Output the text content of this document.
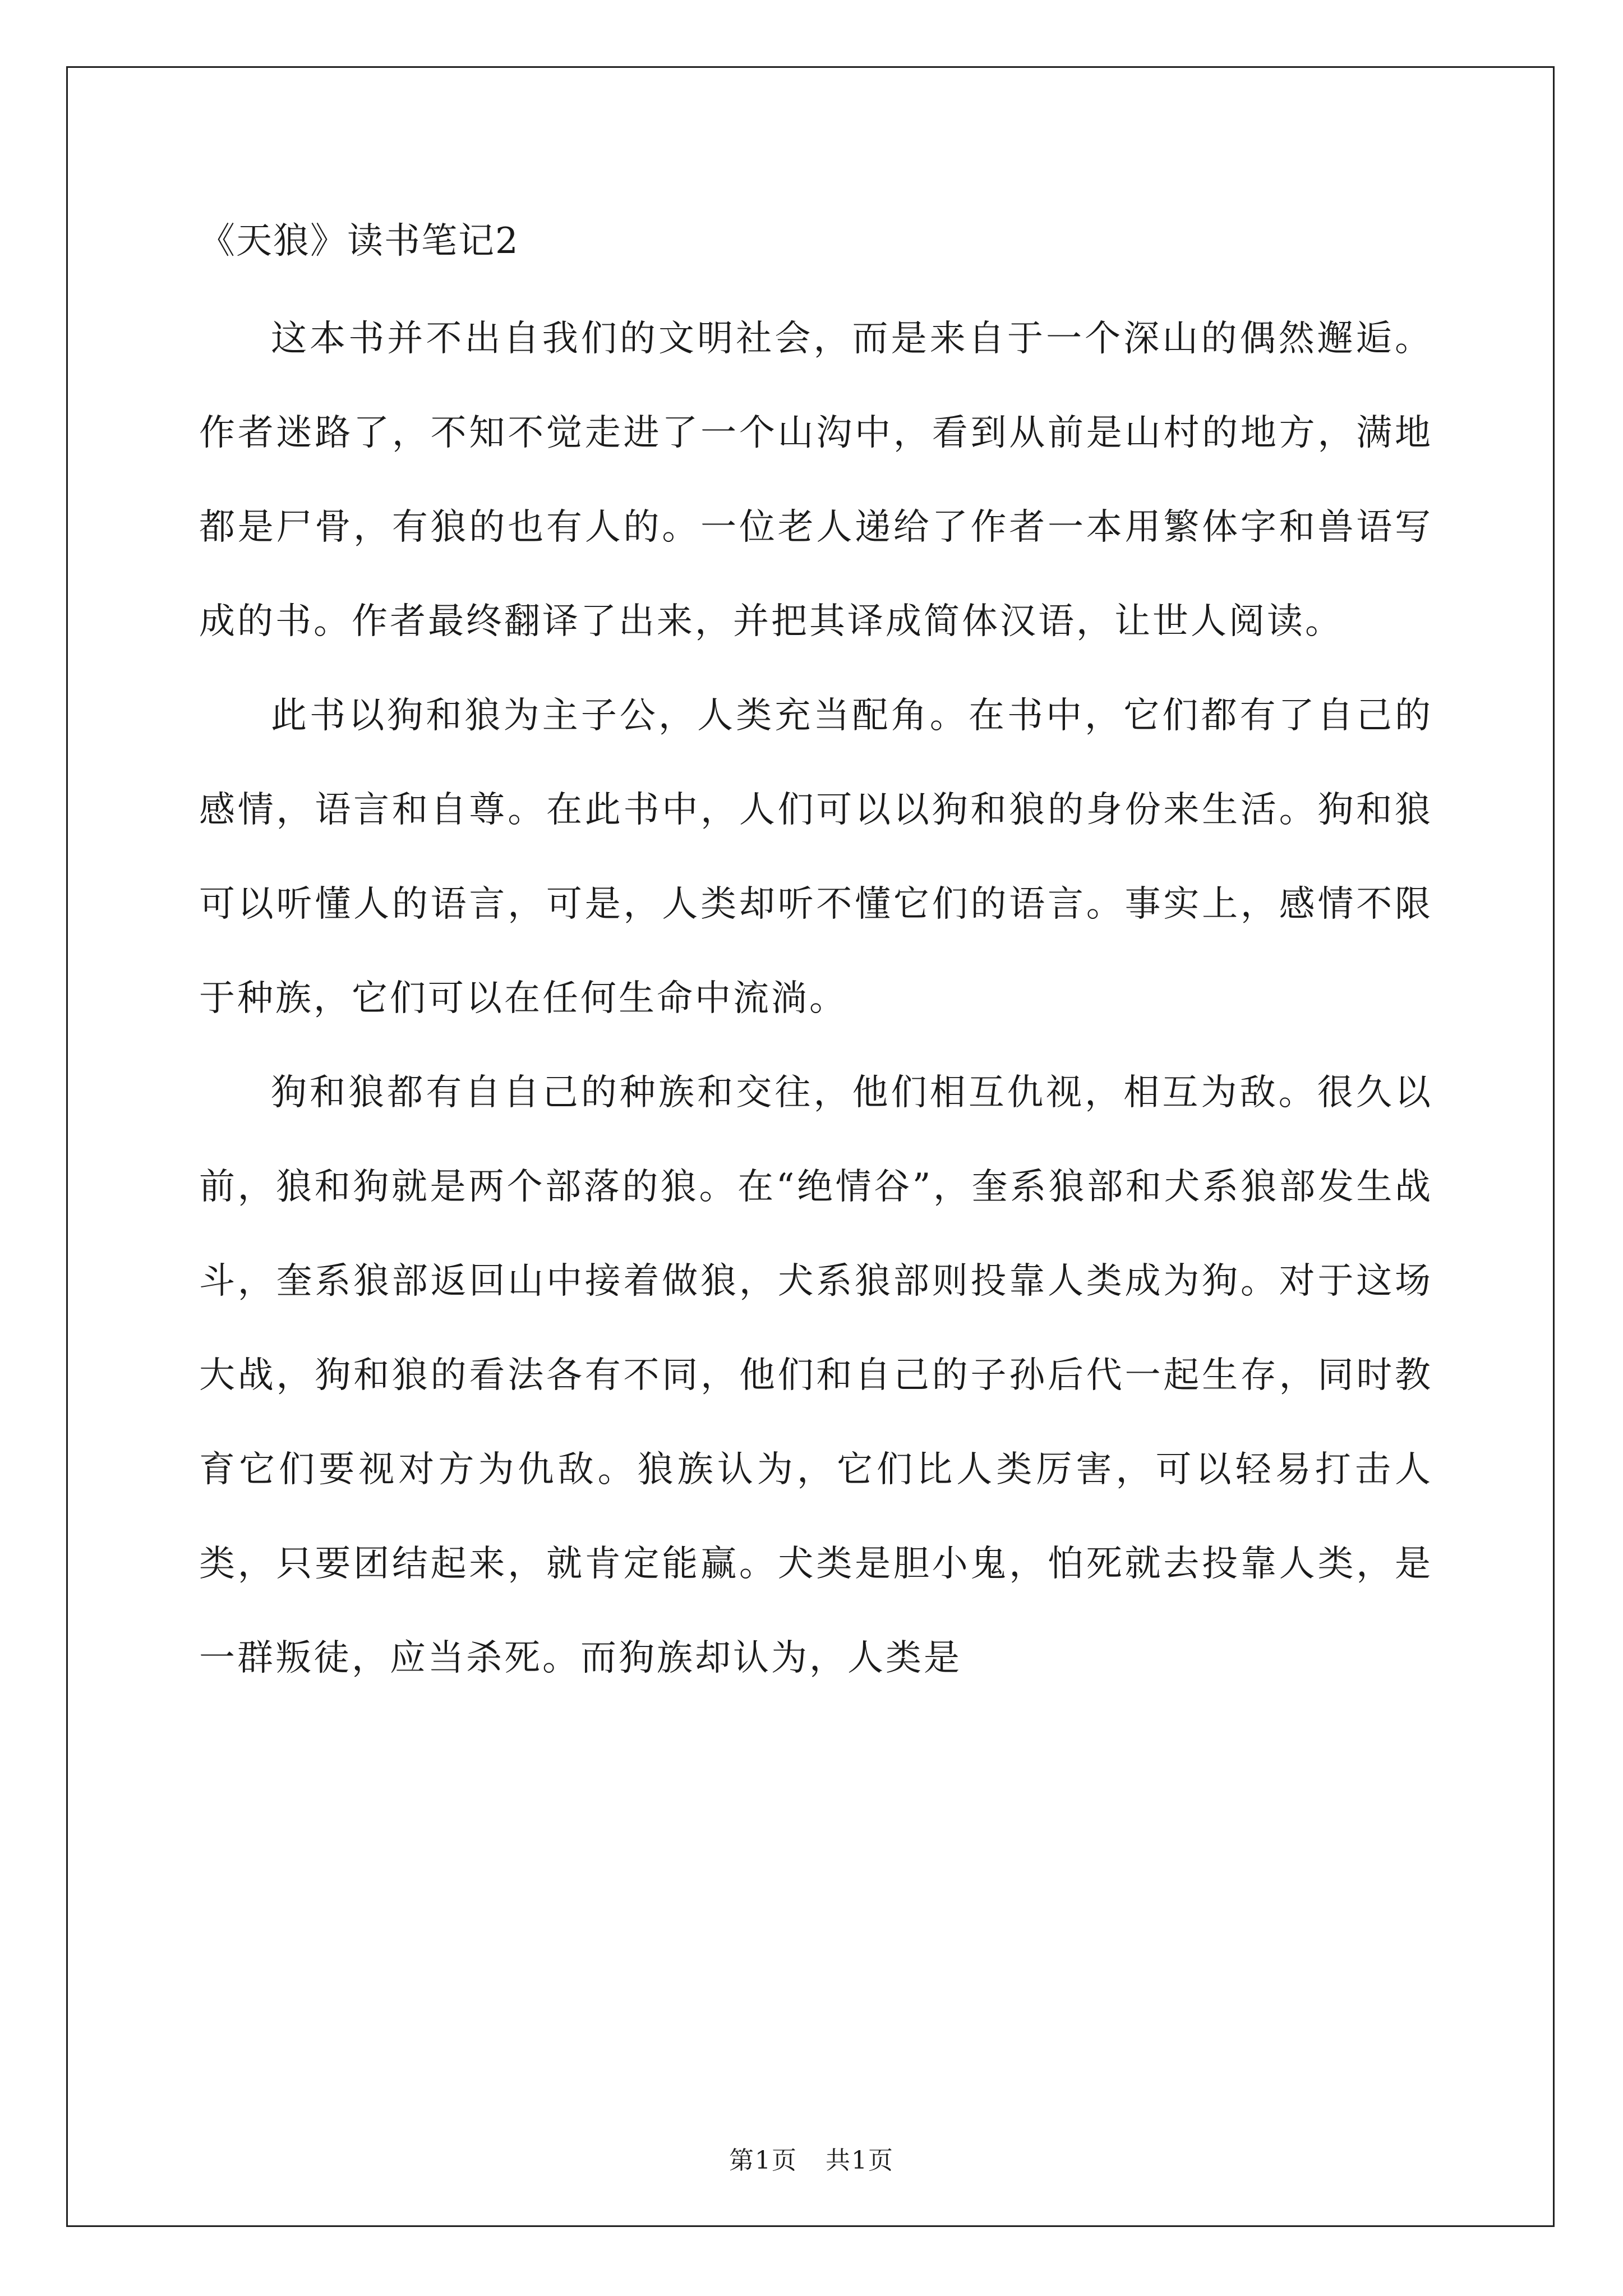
《天狼》读书笔记2

这本书并不出自我们的文明社会，而是来自于一个深山的偶然邂逅。作者迷路了，不知不觉走进了一个山沟中，看到从前是山村的地方，满地都是尸骨，有狼的也有人的。一位老人递给了作者一本用繁体字和兽语写成的书。作者最终翻译了出来，并把其译成简体汉语，让世人阅读。

此书以狗和狼为主子公，人类充当配角。在书中，它们都有了自己的感情，语言和自尊。在此书中，人们可以以狗和狼的身份来生活。狗和狼可以听懂人的语言，可是，人类却听不懂它们的语言。事实上，感情不限于种族，它们可以在任何生命中流淌。

狗和狼都有自自己的种族和交往，他们相互仇视，相互为敌。很久以前，狼和狗就是两个部落的狼。在“绝情谷”，奎系狼部和犬系狼部发生战斗，奎系狼部返回山中接着做狼，犬系狼部则投靠人类成为狗。对于这场大战，狗和狼的看法各有不同，他们和自己的子孙后代一起生存，同时教育它们要视对方为仇敌。狼族认为，它们比人类厉害，可以轻易打击人类，只要团结起来，就肯定能赢。犬类是胆小鬼，怕死就去投靠人类，是一群叛徒，应当杀死。而狗族却认为，人类是

第1页 共1页
